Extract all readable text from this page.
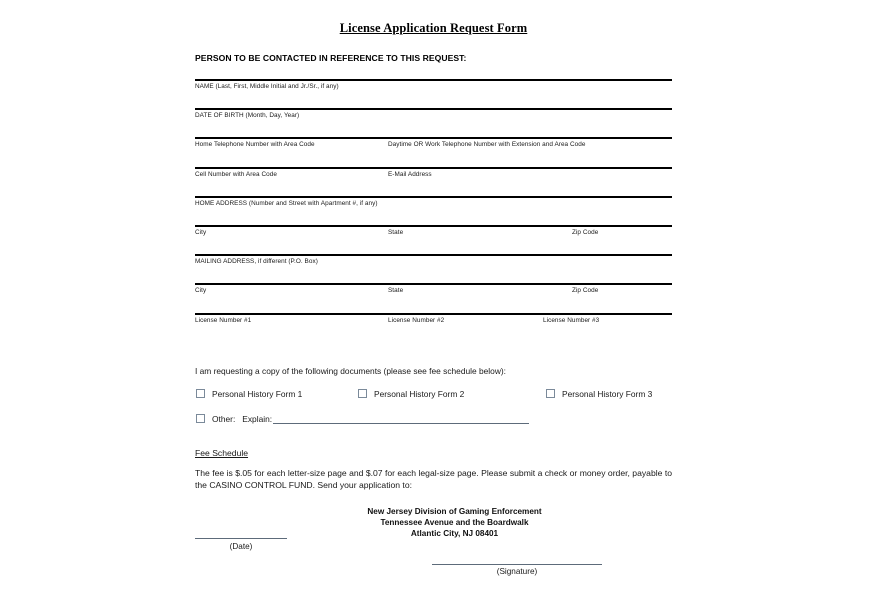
License Application Request Form
PERSON TO BE CONTACTED IN REFERENCE TO THIS REQUEST:
NAME (Last, First, Middle Initial and Jr./Sr., if any)
DATE OF BIRTH (Month, Day, Year)
Home Telephone Number with Area Code	Daytime OR Work Telephone Number with Extension and Area Code
Cell Number with Area Code	E-Mail Address
HOME ADDRESS (Number and Street with Apartment #, if any)
City	State	Zip Code
MAILING ADDRESS, if different (P.O. Box)
City	State	Zip Code
License Number #1	License Number #2	License Number #3
I am requesting a copy of the following documents (please see fee schedule below):
Personal History Form 1	Personal History Form 2	Personal History Form 3
Other: Explain:
Fee Schedule
The fee is $.05 for each letter-size page and $.07 for each legal-size page. Please submit a check or money order, payable to the CASINO CONTROL FUND. Send your application to:
New Jersey Division of Gaming Enforcement
Tennessee Avenue and the Boardwalk
Atlantic City, NJ 08401
(Signature)
(Date)
